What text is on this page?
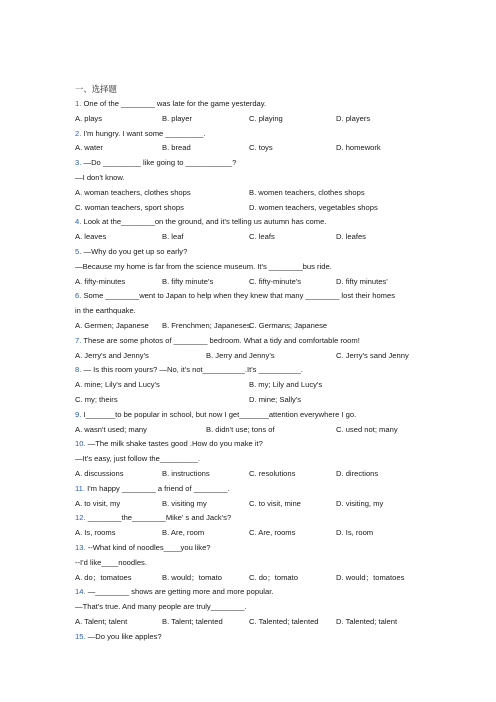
一、选择题
1. One of the ________ was late for the game yesterday.
A. plays	B. player	C. playing	D. players
2. I'm hungry. I want some _________.
A. water	B. bread	C. toys	D. homework
3. —Do _________ like going to ___________?
—I don't know.
A. woman teachers, clothes shops	B. women teachers, clothes shops
C. woman teachers, sport shops	D. women teachers, vegetables shops
4. Look at the________on the ground, and it's telling us autumn has come.
A. leaves	B. leaf	C. leafs	D. leafes
5. —Why do you get up so early?
—Because my home is far from the science museum. It's ________bus ride.
A. fifty-minutes	B. fifty minute's	C. fifty-minute's	D. fifty minutes'
6. Some ________went to Japan to help when they knew that many ________ lost their homes
in the earthquake.
A. Germen; Japanese B. Frenchmen; Japaneses
C. Germans; Japanese
7. These are some photos of ________ bedroom. What a tidy and comfortable room!
A. Jerry's and Jenny's	B. Jerry and Jenny's	C. Jerry's sand Jenny
8. — Is this room yours? —No, it's not__________.It's __________.
A. mine; Lily's and Lucy's	B. my; Lily and Lucy's
C. my; theirs	D. mine; Sally's
9. I_______to be popular in school, but now I get_______attention everywhere I go.
A. wasn't used; many	B. didn't use; tons of	C. used not; many
10. —The milk shake tastes good .How do you make it?
—It's easy, just follow the_________.
A. discussions	B. instructions	C. resolutions	D. directions
11. I'm happy ________ a friend of ________.
A. to visit, my	B. visiting my	C. to visit, mine	D. visiting, my
12. ________the________Mike' s and Jack's?
A. Is, rooms	B. Are, room	C. Are, rooms	D. Is, room
13. --What kind of noodles____you like?
--I'd like____noodles.
A. do；tomatoes	B. would；tomato	C. do；tomato	D. would；tomatoes
14. —________ shows are getting more and more popular.
—That's true. And many people are truly________.
A. Talent; talent	B. Talent; talented	C. Talented; talented D. Talented; talent
15. —Do you like apples?
